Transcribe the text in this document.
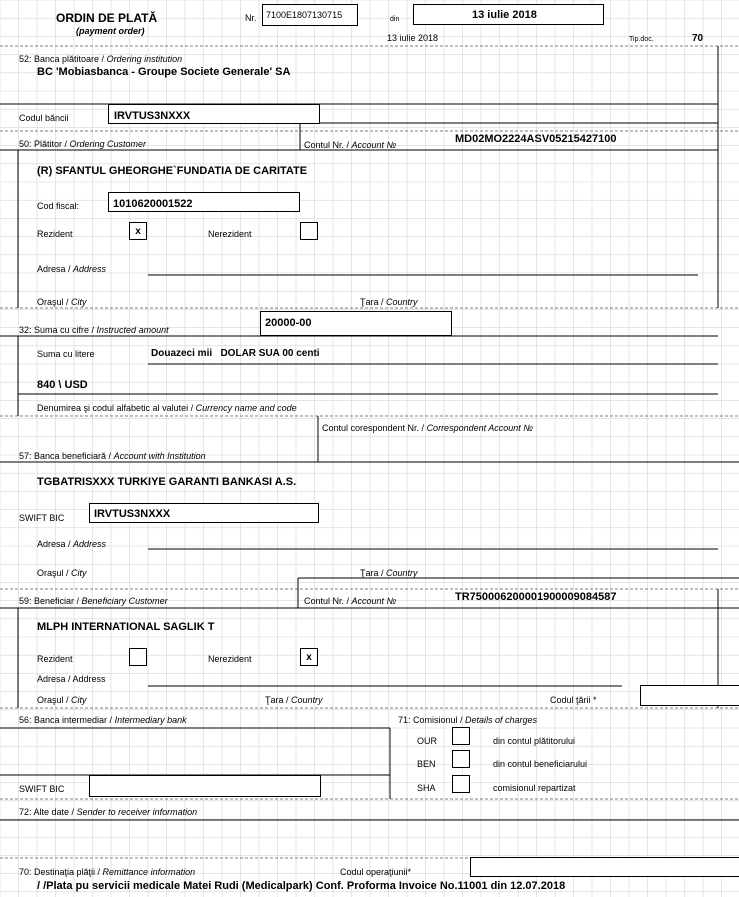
ORDIN DE PLATĂ
(payment order)
Nr. 7100E1807130715	din	13 iulie 2018
13 iulie 2018	Tip.doc.	70
52: Banca plătitoare / Ordering institution
BC 'Mobiasbanca - Groupe Societe Generale' SA
Codul băncii	IRVTUS3NXXX
50: Plătitor / Ordering Customer	Contul Nr. / Account №	MD02MO2224ASV05215427100
(R) SFANTUL GHEORGHE`FUNDATIA DE CARITATE
Cod fiscal:	1010620001522
Rezident	x	Nerezident
Adresa / Address
Oraşul / City	Ţara / Country
32: Suma cu cifre / Instructed amount
20000-00
Suma cu litere	Douazeci mii   DOLAR SUA 00 centi
840 \ USD
Denumirea şi codul alfabetic al valutei / Currency name and code
Contul corespondent Nr. / Correspondent Account №
57: Banca beneficiară / Account with Institution
TGBATRISXXX TURKIYE GARANTI BANKASI A.S.
SWIFT BIC	IRVTUS3NXXX
Adresa / Address
Oraşul / City	Ţara / Country
59: Beneficiar / Beneficiary Customer	Contul Nr. / Account №	TR750006200001900009084587
MLPH INTERNATIONAL SAGLIK T
Rezident	Nerezident	x
Adresa / Address
Oraşul / City	Ţara / Country	Codul ţării *
56: Banca intermediar / Intermediary bank
SWIFT BIC
71: Comisionul / Details of charges
OUR	din contul plătitorului
BEN	din contul beneficiarului
SHA	comisionul repartizat
72: Alte date / Sender to receiver information
70: Destinaţia plăţii / Remittance information	Codul operaţiunii*
/ /Plata pu servicii medicale Matei Rudi (Medicalpark) Conf. Proforma Invoice No.11001 din 12.07.2018
